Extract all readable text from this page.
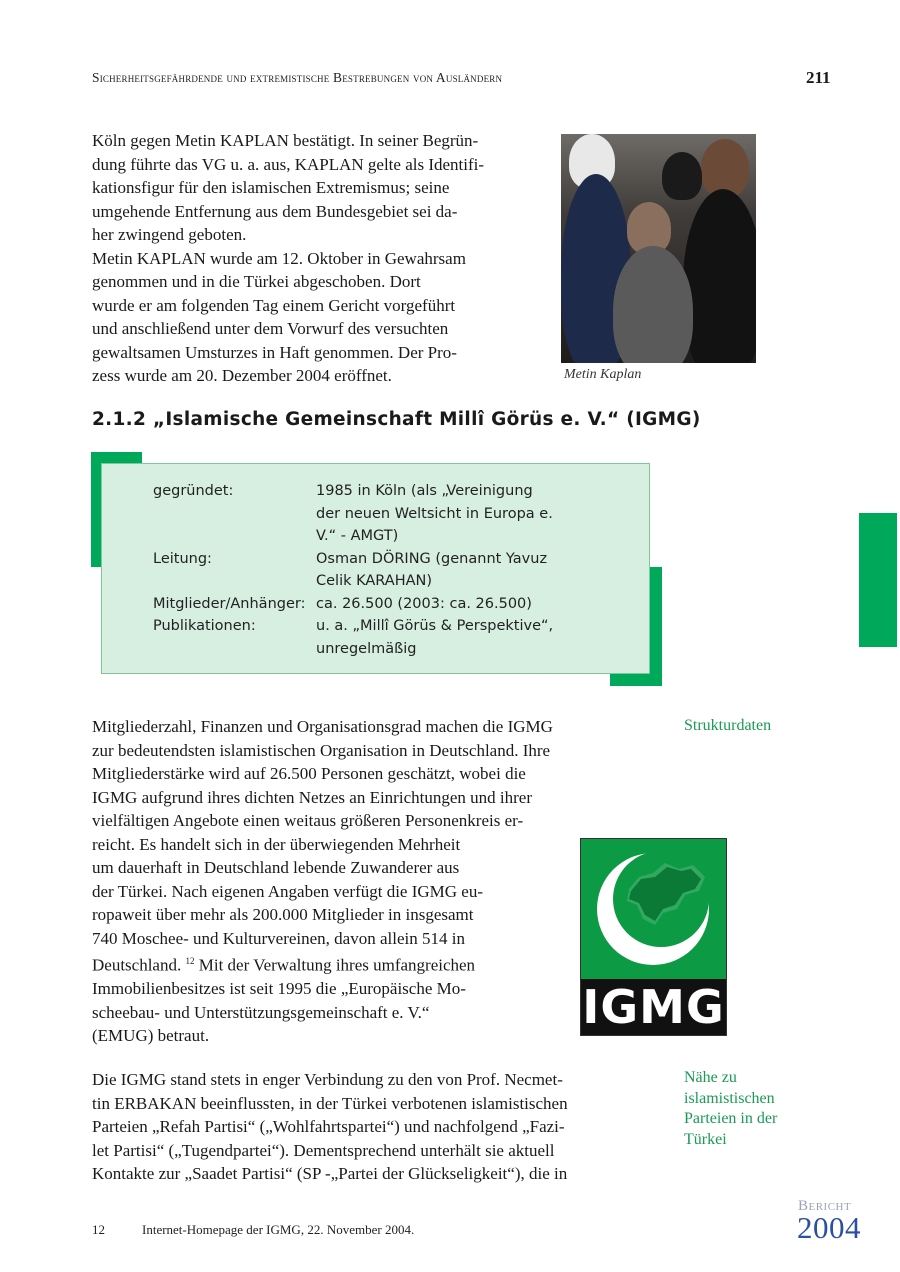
Sicherheitsgefährdende und extremistische Bestrebungen von Ausländern	211
Köln gegen Metin KAPLAN bestätigt. In seiner Begrün-
dung führte das VG u. a. aus, KAPLAN gelte als Identifi-
kationsfigur für den islamischen Extremismus; seine
umgehende Entfernung aus dem Bundesgebiet sei da-
her zwingend geboten.
Metin KAPLAN wurde am 12. Oktober in Gewahrsam
genommen und in die Türkei abgeschoben. Dort
wurde er am folgenden Tag einem Gericht vorgeführt
und anschließend unter dem Vorwurf des versuchten
gewaltsamen Umsturzes in Haft genommen. Der Pro-
zess wurde am 20. Dezember 2004 eröffnet.	Metin Kaplan
2.1.2 „Islamische Gemeinschaft Millî Görüs e. V.“ (IGMG)
gegründet:	1985 in Köln (als „Vereinigung der neuen Weltsicht in Europa e. V.“ - AMGT)
Leitung:	Osman DÖRING (genannt Yavuz Celik KARAHAN)
Mitglieder/Anhänger:	ca. 26.500 (2003: ca. 26.500)
Publikationen:	u. a. „Millî Görüs & Perspektive“, unregelmäßig
Strukturdaten
Mitgliederzahl, Finanzen und Organisationsgrad machen die IGMG
zur bedeutendsten islamistischen Organisation in Deutschland. Ihre
Mitgliederstärke wird auf 26.500 Personen geschätzt, wobei die
IGMG aufgrund ihres dichten Netzes an Einrichtungen und ihrer
vielfältigen Angebote einen weitaus größeren Personenkreis er-
reicht. Es handelt sich in der überwiegenden Mehrheit
um dauerhaft in Deutschland lebende Zuwanderer aus
der Türkei. Nach eigenen Angaben verfügt die IGMG eu-
ropaweit über mehr als 200.000 Mitglieder in insgesamt
740 Moschee- und Kulturvereinen, davon allein 514 in
Deutschland. $^{12}$ Mit der Verwaltung ihres umfangreichen
Immobilienbesitzes ist seit 1995 die „Europäische Mo-
scheebau- und Unterstützungsgemeinschaft e. V.“
(EMUG) betraut.
IGMG
Nähe zu
islamistischen
Parteien in der
Türkei
Die IGMG stand stets in enger Verbindung zu den von Prof. Necmet-
tin ERBAKAN beeinflussten, in der Türkei verbotenen islamistischen
Parteien „Refah Partisi“ („Wohlfahrtspartei“) und nachfolgend „Fazi-
let Partisi“ („Tugendpartei“). Dementsprechend unterhält sie aktuell
Kontakte zur „Saadet Partisi“ (SP -„Partei der Glückseligkeit“), die in
12	Internet-Homepage der IGMG, 22. November 2004.
Bericht
2004
